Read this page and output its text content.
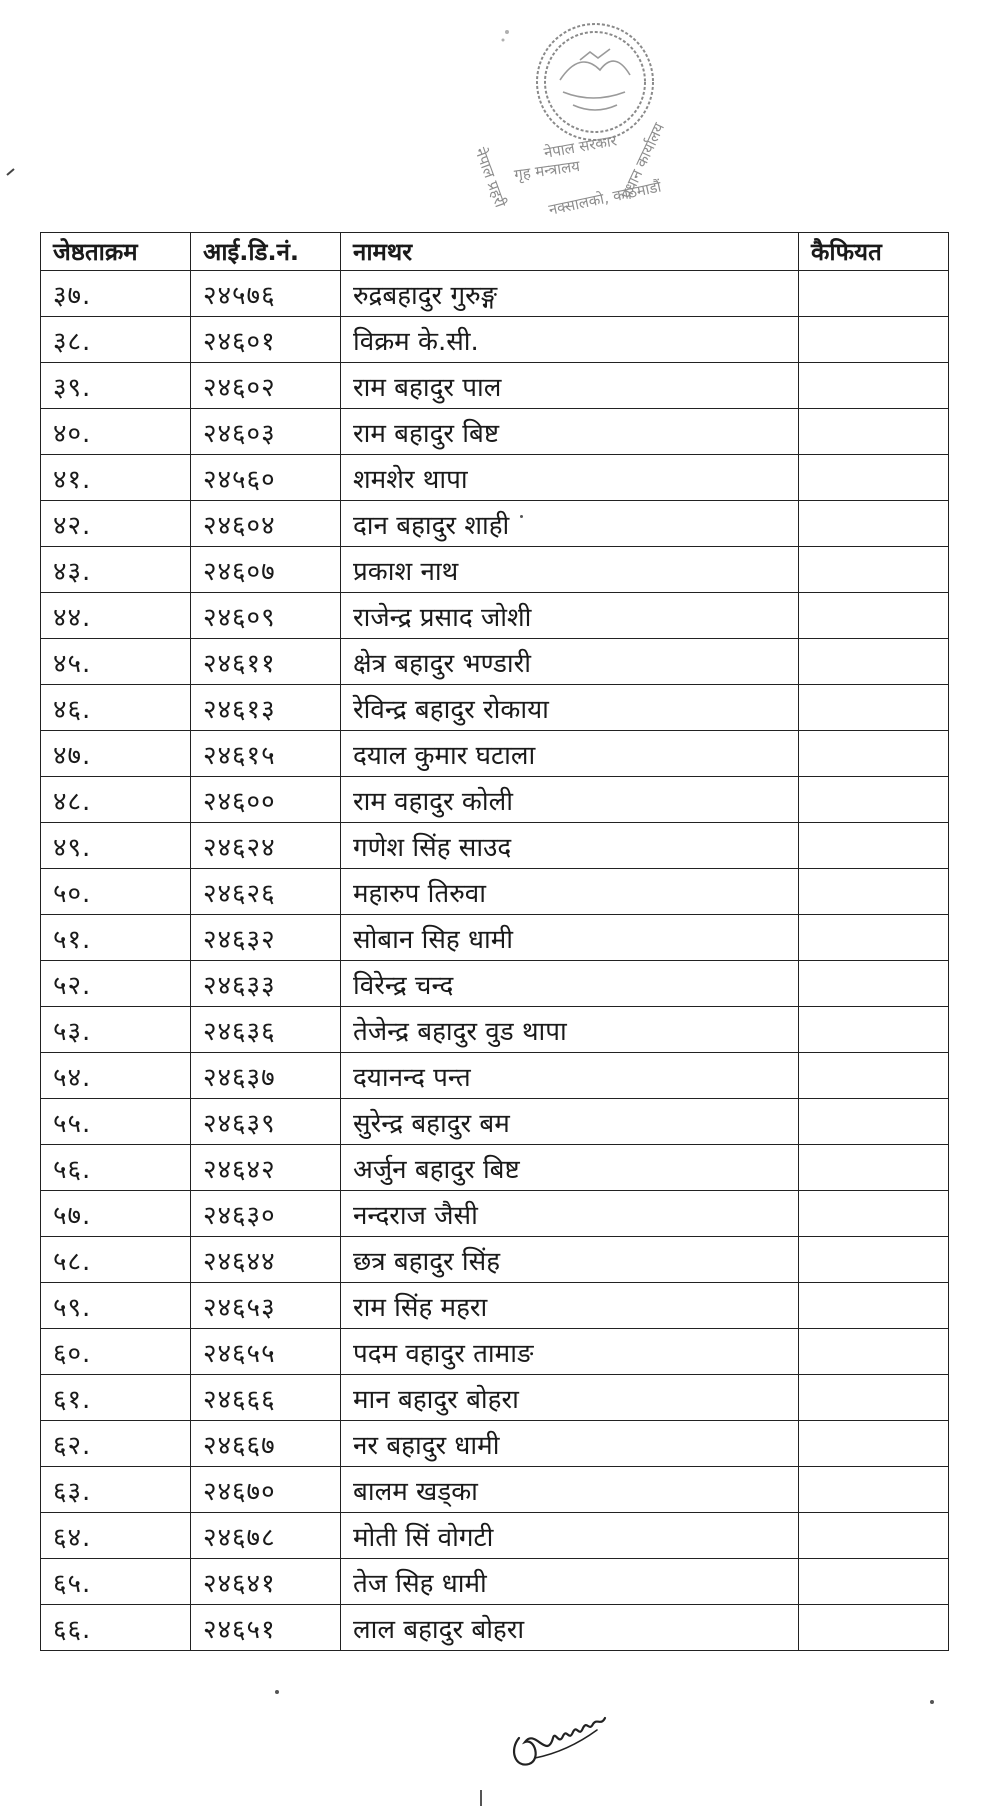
नेपाल सरकार
गृह मन्त्रालय
नेपाल प्रहरी	प्रधान कार्यालय
नक्सालको, काठमाडौं
जेष्ठताक्रम	आई.डि.नं.	नामथर	कैफियत
३७.	२४५७६	रुद्रबहादुर गुरुङ्ग	
३८.	२४६०१	विक्रम के.सी.	
३९.	२४६०२	राम बहादुर पाल	
४०.	२४६०३	राम बहादुर बिष्ट	
४१.	२४५६०	शमशेर थापा	
४२.	२४६०४	दान बहादुर शाही	
४३.	२४६०७	प्रकाश नाथ	
४४.	२४६०९	राजेन्द्र प्रसाद जोशी	
४५.	२४६११	क्षेत्र बहादुर भण्डारी	
४६.	२४६१३	रेविन्द्र बहादुर रोकाया	
४७.	२४६१५	दयाल कुमार घटाला	
४८.	२४६००	राम वहादुर कोली	
४९.	२४६२४	गणेश सिंह साउद	
५०.	२४६२६	महारुप तिरुवा	
५१.	२४६३२	सोबान सिह धामी	
५२.	२४६३३	विरेन्द्र चन्द	
५३.	२४६३६	तेजेन्द्र बहादुर वुड थापा	
५४.	२४६३७	दयानन्द पन्त	
५५.	२४६३९	सुरेन्द्र बहादुर बम	
५६.	२४६४२	अर्जुन बहादुर बिष्ट	
५७.	२४६३०	नन्दराज जैसी	
५८.	२४६४४	छत्र बहादुर सिंह	
५९.	२४६५३	राम सिंह महरा	
६०.	२४६५५	पदम वहादुर तामाङ	
६१.	२४६६६	मान बहादुर बोहरा	
६२.	२४६६७	नर बहादुर धामी	
६३.	२४६७०	बालम खड्का	
६४.	२४६७८	मोती सिं वोगटी	
६५.	२४६४१	तेज सिह धामी	
६६.	२४६५१	लाल बहादुर बोहरा	
